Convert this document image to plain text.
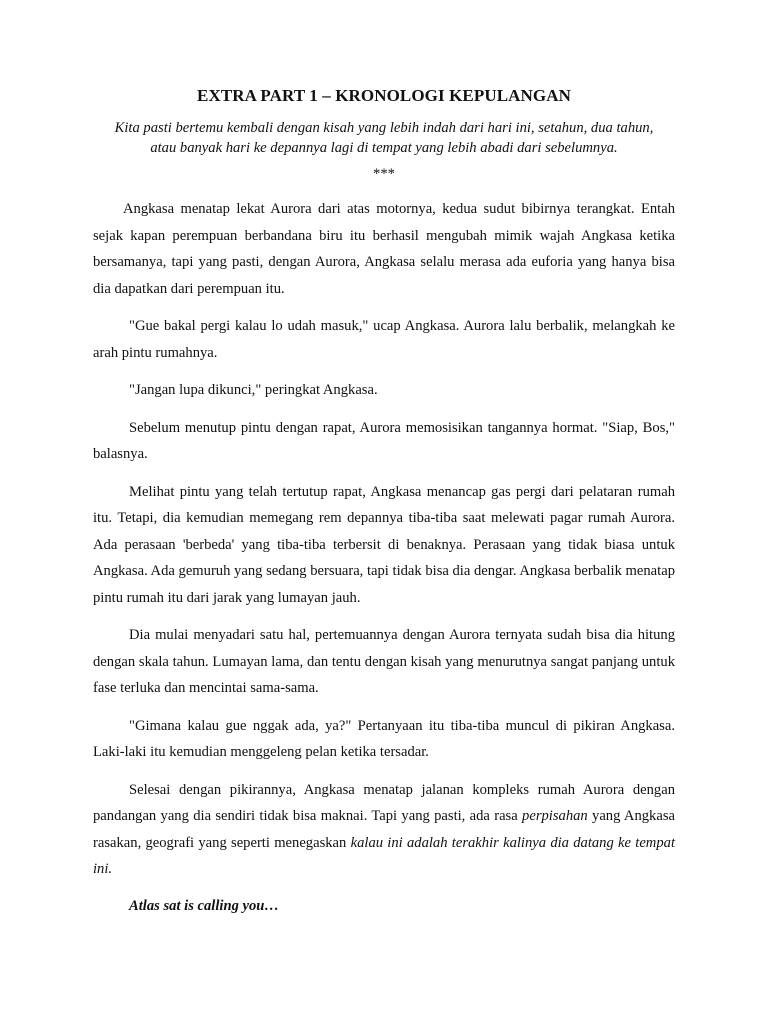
EXTRA PART 1 – KRONOLOGI KEPULANGAN
Kita pasti bertemu kembali dengan kisah yang lebih indah dari hari ini, setahun, dua tahun,
atau banyak hari ke depannya lagi di tempat yang lebih abadi dari sebelumnya.
***

Angkasa menatap lekat Aurora dari atas motornya, kedua sudut bibirnya terangkat. Entah sejak kapan perempuan berbandana biru itu berhasil mengubah mimik wajah Angkasa ketika bersamanya, tapi yang pasti, dengan Aurora, Angkasa selalu merasa ada euforia yang hanya bisa dia dapatkan dari perempuan itu.

"Gue bakal pergi kalau lo udah masuk," ucap Angkasa. Aurora lalu berbalik, melangkah ke arah pintu rumahnya.

"Jangan lupa dikunci," peringkat Angkasa.

Sebelum menutup pintu dengan rapat, Aurora memosisikan tangannya hormat. "Siap, Bos," balasnya.

Melihat pintu yang telah tertutup rapat, Angkasa menancap gas pergi dari pelataran rumah itu. Tetapi, dia kemudian memegang rem depannya tiba-tiba saat melewati pagar rumah Aurora. Ada perasaan 'berbeda' yang tiba-tiba terbersit di benaknya. Perasaan yang tidak biasa untuk Angkasa. Ada gemuruh yang sedang bersuara, tapi tidak bisa dia dengar. Angkasa berbalik menatap pintu rumah itu dari jarak yang lumayan jauh.

Dia mulai menyadari satu hal, pertemuannya dengan Aurora ternyata sudah bisa dia hitung dengan skala tahun. Lumayan lama, dan tentu dengan kisah yang menurutnya sangat panjang untuk fase terluka dan mencintai sama-sama.

"Gimana kalau gue nggak ada, ya?" Pertanyaan itu tiba-tiba muncul di pikiran Angkasa. Laki-laki itu kemudian menggeleng pelan ketika tersadar.

Selesai dengan pikirannya, Angkasa menatap jalanan kompleks rumah Aurora dengan pandangan yang dia sendiri tidak bisa maknai. Tapi yang pasti, ada rasa perpisahan yang Angkasa rasakan, geografi yang seperti menegaskan kalau ini adalah terakhir kalinya dia datang ke tempat ini.

Atlas sat is calling you…
